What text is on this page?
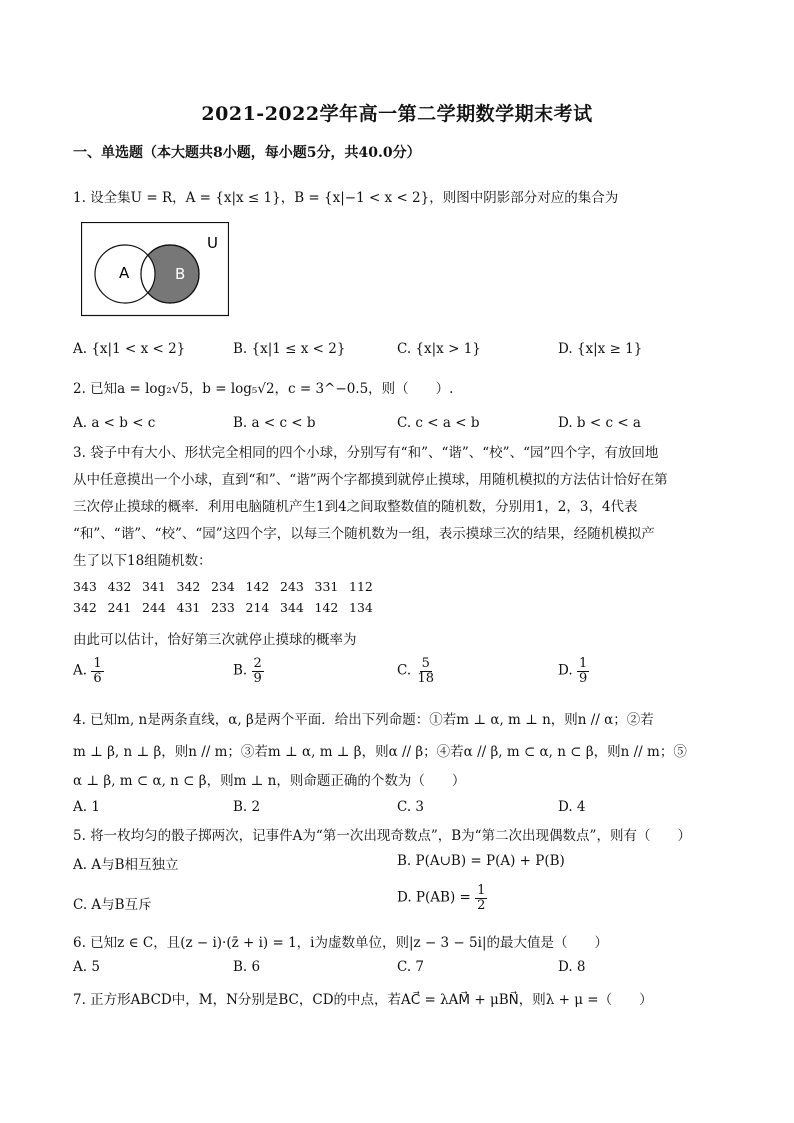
2021-2022学年高一第二学期数学期末考试
一、单选题（本大题共8小题，每小题5分，共40.0分）
1. 设全集U = R，A = {x|x ≤ 1}，B = {x|−1 < x < 2}，则图中阴影部分对应的集合为
U
A	B
A. {x|1 < x < 2}	B. {x|1 ≤ x < 2}	C. {x|x > 1}	D. {x|x ≥ 1}
2. 已知a = log₂√5，b = log₅√2，c = 3^−0.5，则（　　）.
A. a < b < c	B. a < c < b	C. c < a < b	D. b < c < a
3. 袋子中有大小、形状完全相同的四个小球，分别写有“和”、“谐”、“校”、“园”四个字，有放回地
从中任意摸出一个小球，直到“和”、“谐”两个字都摸到就停止摸球，用随机模拟的方法估计恰好在第
三次停止摸球的概率．利用电脑随机产生1到4之间取整数值的随机数，分别用1，2，3，4代表
“和”、“谐”、“校”、“园”这四个字，以每三个随机数为一组，表示摸球三次的结果，经随机模拟产
生了以下18组随机数：
343 432 341 342 234 142 243 331 112
342 241 244 431 233 214 344 142 134
由此可以估计，恰好第三次就停止摸球的概率为
A. $\frac{1}{6}$	B. $\frac{2}{9}$	C. $\frac{5}{18}$	D. $\frac{1}{9}$
4. 已知m, n是两条直线，α, β是两个平面．给出下列命题：①若m ⊥ α, m ⊥ n，则n // α；②若
m ⊥ β, n ⊥ β，则n // m；③若m ⊥ α, m ⊥ β，则α // β；④若α // β, m ⊂ α, n ⊂ β，则n // m；⑤
α ⊥ β, m ⊂ α, n ⊂ β，则m ⊥ n，则命题正确的个数为（　　）
A. 1	B. 2	C. 3	D. 4
5. 将一枚均匀的骰子掷两次，记事件A为“第一次出现奇数点”，B为“第二次出现偶数点”，则有（　　）
A. A与B相互独立	B. P(A∪B) = P(A) + P(B)
C. A与B互斥	D. $P(AB) = \frac{1}{2}$
6. 已知z ∈ C，且(z − i)·(z̄ + i) = 1，i为虚数单位，则|z − 3 − 5i|的最大值是（　　）
A. 5	B. 6	C. 7	D. 8
7. 正方形ABCD中，M，N分别是BC，CD的中点，若AC⃗ = λAM⃗ + μBN⃗，则λ + μ =（　　）
